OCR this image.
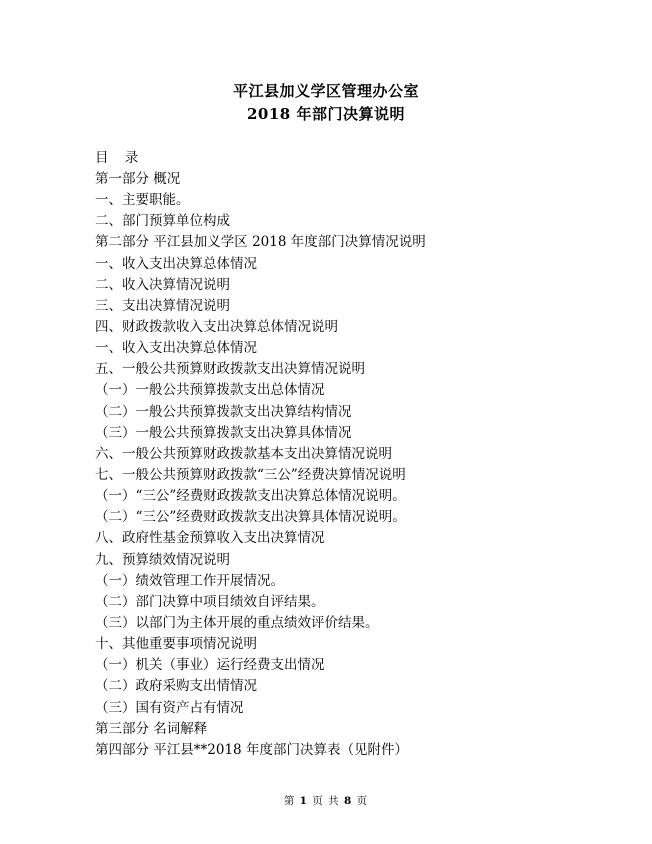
平江县加义学区管理办公室
2018 年部门决算说明
目 录
第一部分 概况
一、主要职能。
二、部门预算单位构成
第二部分 平江县加义学区 2018 年度部门决算情况说明
一、收入支出决算总体情况
二、收入决算情况说明
三、支出决算情况说明
四、财政拨款收入支出决算总体情况说明
一、收入支出决算总体情况
五、一般公共预算财政拨款支出决算情况说明
（一）一般公共预算拨款支出总体情况
（二）一般公共预算拨款支出决算结构情况
（三）一般公共预算拨款支出决算具体情况
六、一般公共预算财政拨款基本支出决算情况说明
七、一般公共预算财政拨款“三公”经费决算情况说明
（一）“三公”经费财政拨款支出决算总体情况说明。
（二）“三公”经费财政拨款支出决算具体情况说明。
八、政府性基金预算收入支出决算情况
九、预算绩效情况说明
（一）绩效管理工作开展情况。
（二）部门决算中项目绩效自评结果。
（三）以部门为主体开展的重点绩效评价结果。
十、其他重要事项情况说明
（一）机关（事业）运行经费支出情况
（二）政府采购支出情情况
（三）国有资产占有情况
第三部分 名词解释
第四部分 平江县**2018 年度部门决算表（见附件）
第 1 页 共 8 页
